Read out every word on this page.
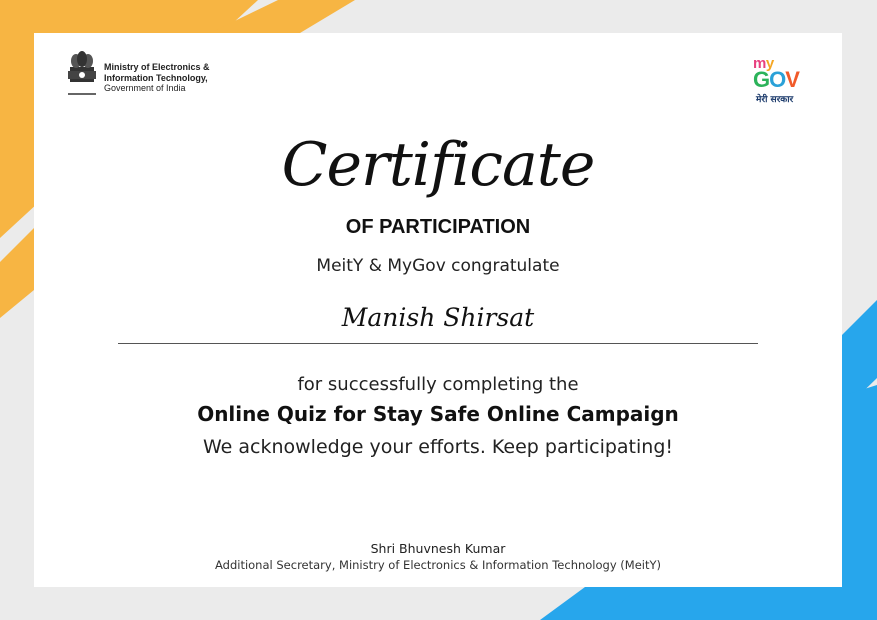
Ministry of Electronics &
Information Technology,
Government of India
my
GOV
मेरी सरकार
Certificate
OF PARTICIPATION
MeitY & MyGov congratulate
Manish Shirsat
for successfully completing the
Online Quiz for Stay Safe Online Campaign
We acknowledge your efforts. Keep participating!
Shri Bhuvnesh Kumar
Additional Secretary, Ministry of Electronics & Information Technology (MeitY)
